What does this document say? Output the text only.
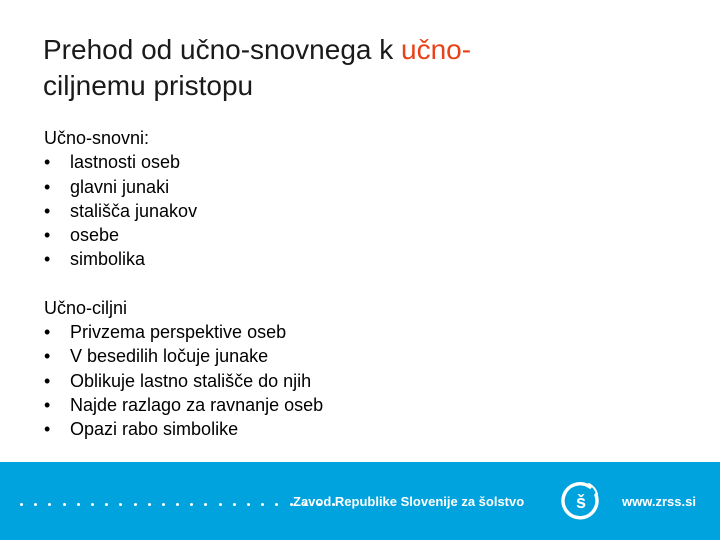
Prehod od učno-snovnega k učno-
ciljnemu pristopu

Učno-snovni:

•	lastnosti oseb
•	glavni junaki
•	stališča junakov
•	osebe
•	simbolika

Učno-ciljni

•	Privzema perspektive oseb
•	V besedilih ločuje junake
•	Oblikuje lastno stališče do njih
•	Najde razlago za ravnanje oseb
•	Opazi rabo simbolike
Zavod Republike Slovenije za šolstvo	š	www.zrss.si
